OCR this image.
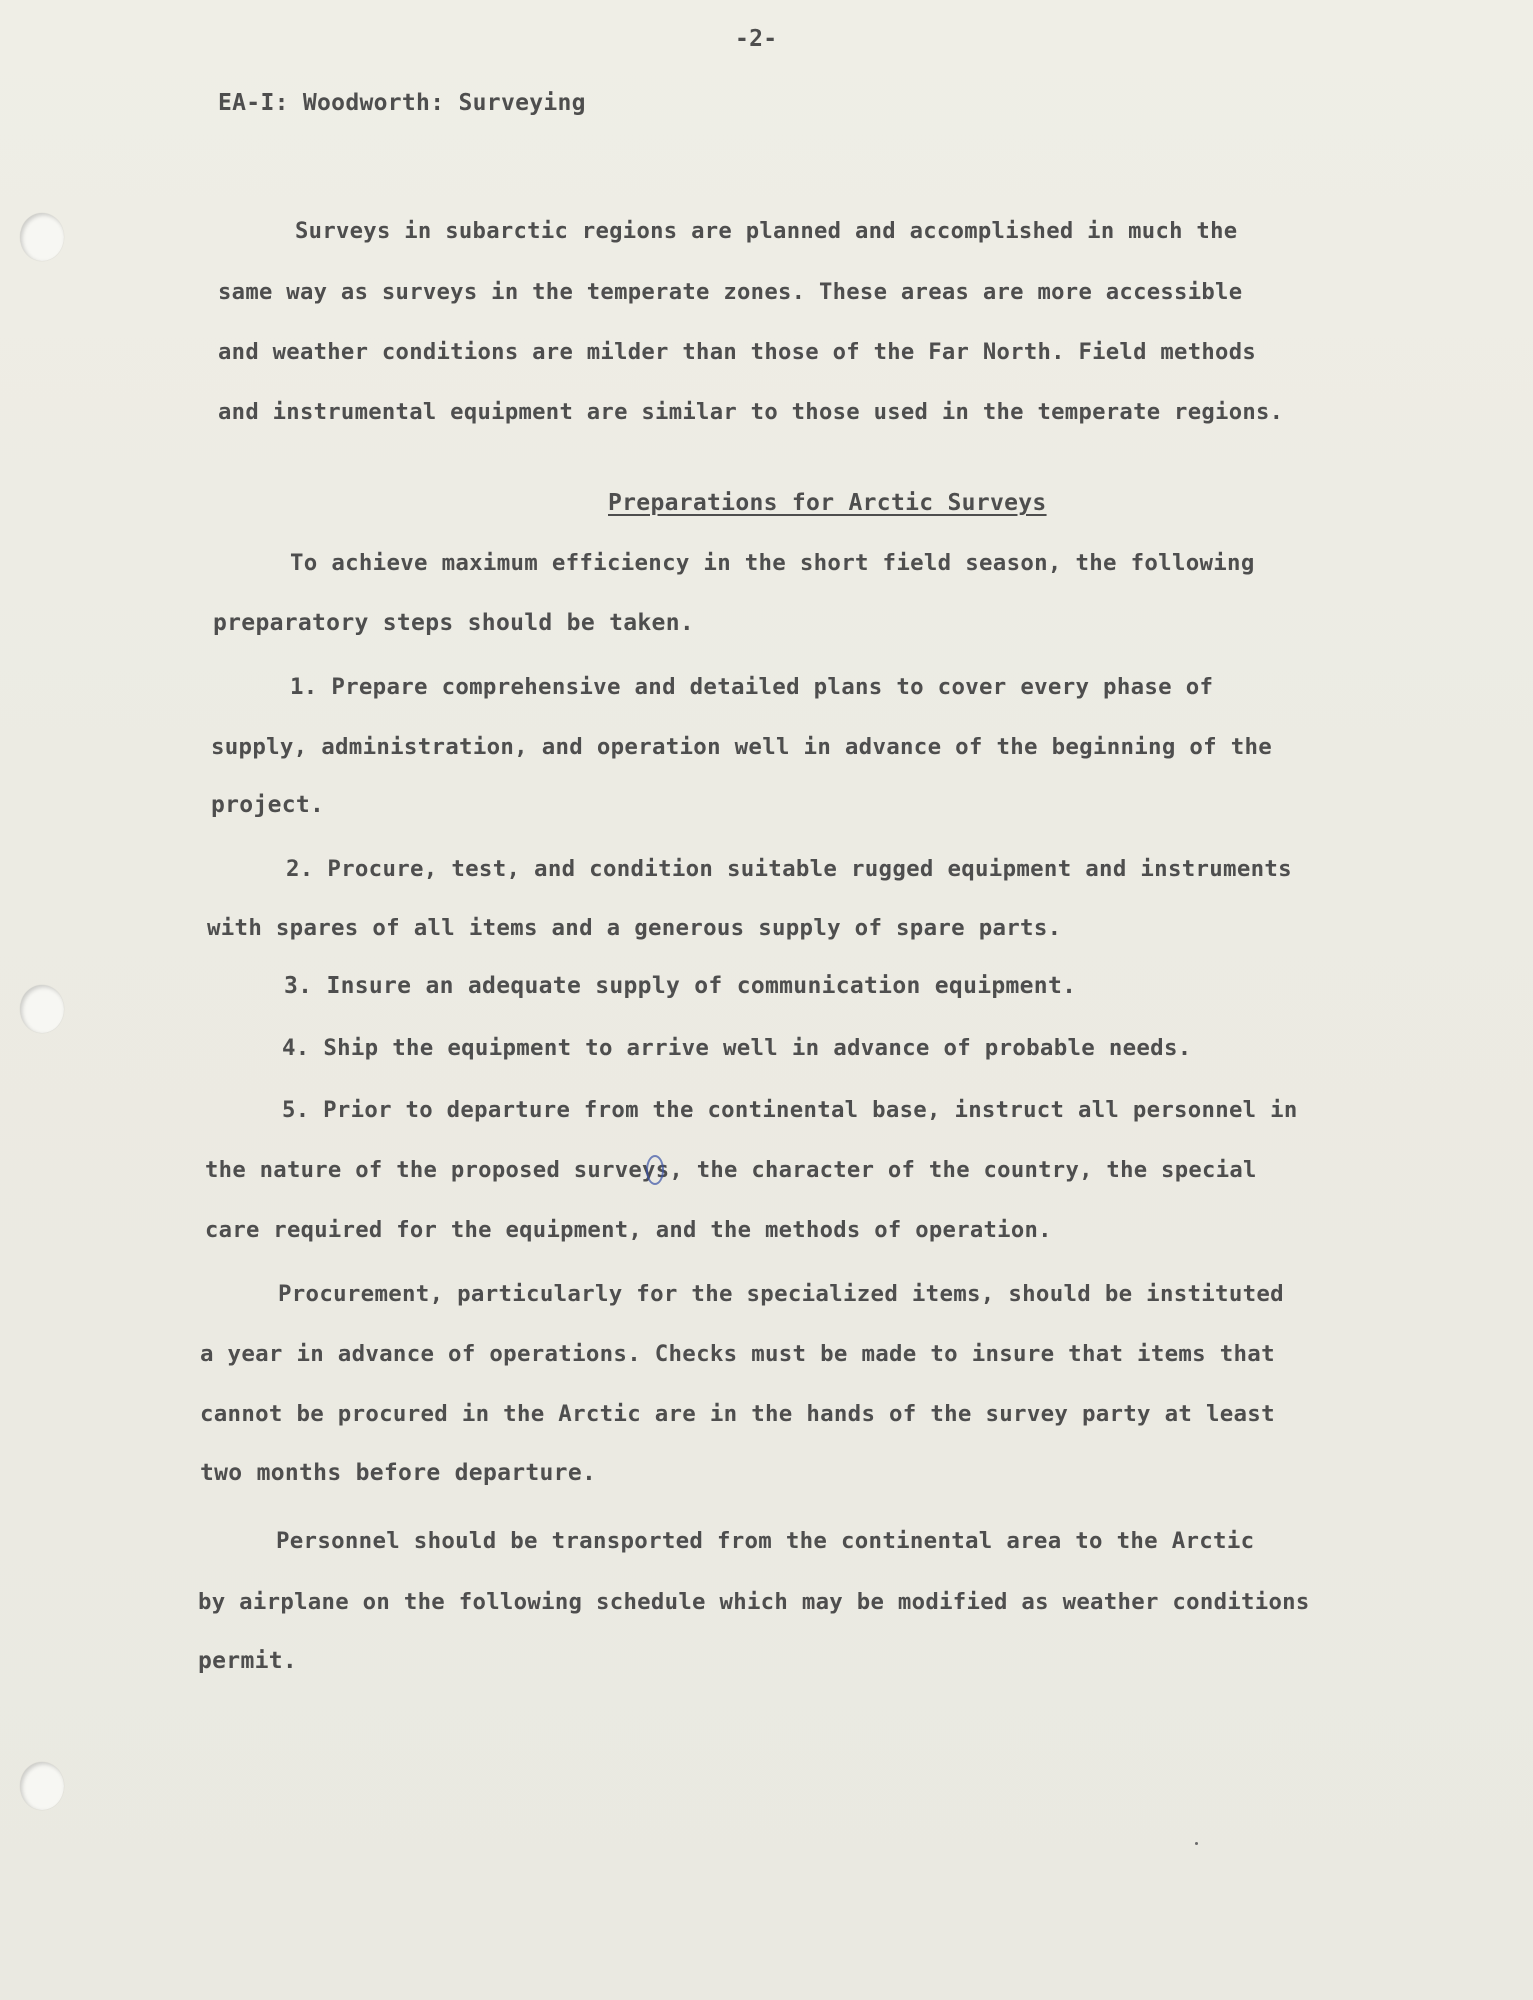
-2-
EA-I: Woodworth: Surveying
Surveys in subarctic regions are planned and accomplished in much the
same way as surveys in the temperate zones. These areas are more accessible
and weather conditions are milder than those of the Far North. Field methods
and instrumental equipment are similar to those used in the temperate regions.
Preparations for Arctic Surveys
To achieve maximum efficiency in the short field season, the following
preparatory steps should be taken.
1. Prepare comprehensive and detailed plans to cover every phase of
supply, administration, and operation well in advance of the beginning of the
project.
2. Procure, test, and condition suitable rugged equipment and instruments
with spares of all items and a generous supply of spare parts.
3. Insure an adequate supply of communication equipment.
4. Ship the equipment to arrive well in advance of probable needs.
5. Prior to departure from the continental base, instruct all personnel in
the nature of the proposed surveys, the character of the country, the special
care required for the equipment, and the methods of operation.
Procurement, particularly for the specialized items, should be instituted
a year in advance of operations. Checks must be made to insure that items that
cannot be procured in the Arctic are in the hands of the survey party at least
two months before departure.
Personnel should be transported from the continental area to the Arctic
by airplane on the following schedule which may be modified as weather conditions
permit.
